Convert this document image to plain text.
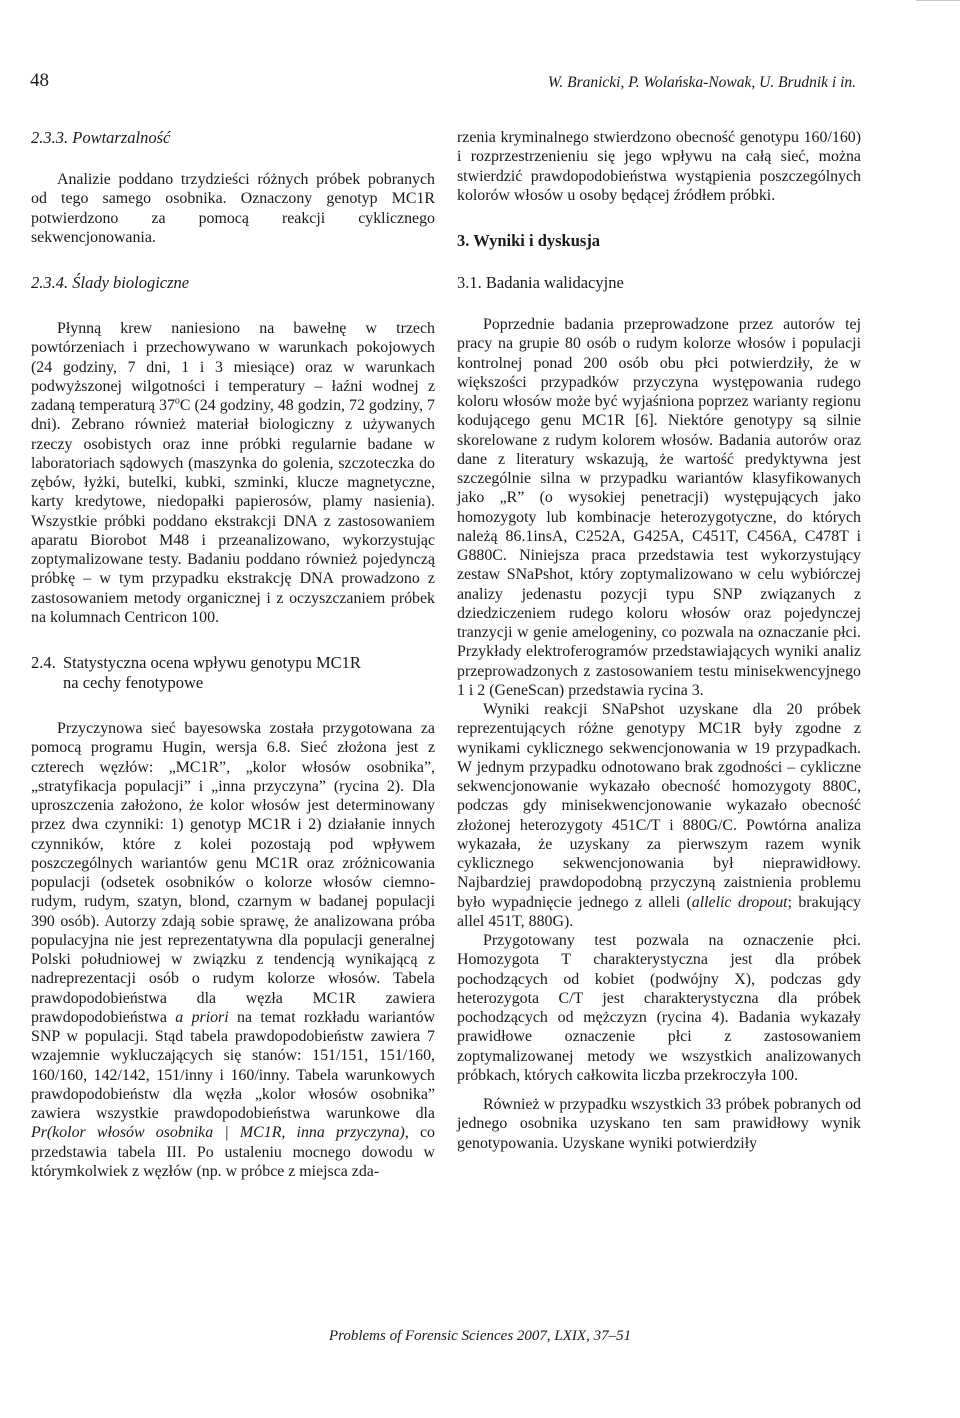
48	W. Branicki, P. Wolańska-Nowak, U. Brudnik i in.

2.3.3. Powtarzalność

Analizie poddano trzydzieści różnych próbek pobranych od tego samego osobnika. Oznaczony genotyp MC1R potwierdzono za pomocą reakcji cyklicznego sekwencjonowania.

2.3.4. Ślady biologiczne

Płynną krew naniesiono na bawełnę w trzech powtórzeniach i przechowywano w warunkach pokojowych (24 godziny, 7 dni, 1 i 3 miesiące) oraz w warunkach podwyższonej wilgotności i temperatury – łaźni wodnej z zadaną temperaturą 37$^o$C (24 godziny, 48 godzin, 72 godziny, 7 dni). Zebrano również materiał biologiczny z używanych rzeczy osobistych oraz inne próbki regularnie badane w laboratoriach sądowych (maszynka do golenia, szczoteczka do zębów, łyżki, butelki, kubki, szminki, klucze magnetyczne, karty kredytowe, niedopałki papierosów, plamy nasienia). Wszystkie próbki poddano ekstrakcji DNA z zastosowaniem aparatu Biorobot M48 i przeanalizowano, wykorzystując zoptymalizowane testy. Badaniu poddano również pojedynczą próbkę – w tym przypadku ekstrakcję DNA prowadzono z zastosowaniem metody organicznej i z oczyszczaniem próbek na kolumnach Centricon 100.

2.4. Statystyczna ocena wpływu genotypu MC1R
na cechy fenotypowe

Przyczynowa sieć bayesowska została przygotowana za pomocą programu Hugin, wersja 6.8. Sieć złożona jest z czterech węzłów: „MC1R”, „kolor włosów osobnika”, „stratyfikacja populacji” i „inna przyczyna” (rycina 2). Dla uproszczenia założono, że kolor włosów jest determinowany przez dwa czynniki: 1) genotyp MC1R i 2) działanie innych czynników, które z kolei pozostają pod wpływem poszczególnych wariantów genu MC1R oraz zróżnicowania populacji (odsetek osobników o kolorze włosów ciemno-rudym, rudym, szatyn, blond, czarnym w badanej populacji 390 osób). Autorzy zdają sobie sprawę, że analizowana próba populacyjna nie jest reprezentatywna dla populacji generalnej Polski południowej w związku z tendencją wynikającą z nadreprezentacji osób o rudym kolorze włosów. Tabela prawdopodobieństwa dla węzła MC1R zawiera prawdopodobieństwa a priori na temat rozkładu wariantów SNP w populacji. Stąd tabela prawdopodobieństw zawiera 7 wzajemnie wykluczających się stanów: 151/151, 151/160, 160/160, 142/142, 151/inny i 160/inny. Tabela warunkowych prawdopodobieństw dla węzła „kolor włosów osobnika” zawiera wszystkie prawdopodobieństwa warunkowe dla Pr(kolor włosów osobnika | MC1R, inna przyczyna), co przedstawia tabela III. Po ustaleniu mocnego dowodu w którymkolwiek z węzłów (np. w próbce z miejsca zda-

rzenia kryminalnego stwierdzono obecność genotypu 160/160) i rozprzestrzenieniu się jego wpływu na całą sieć, można stwierdzić prawdopodobieństwa wystąpienia poszczególnych kolorów włosów u osoby będącej źródłem próbki.

3. Wyniki i dyskusja

3.1. Badania walidacyjne

Poprzednie badania przeprowadzone przez autorów tej pracy na grupie 80 osób o rudym kolorze włosów i populacji kontrolnej ponad 200 osób obu płci potwierdziły, że w większości przypadków przyczyna występowania rudego koloru włosów może być wyjaśniona poprzez warianty regionu kodującego genu MC1R [6]. Niektóre genotypy są silnie skorelowane z rudym kolorem włosów. Badania autorów oraz dane z literatury wskazują, że wartość predyktywna jest szczególnie silna w przypadku wariantów klasyfikowanych jako „R” (o wysokiej penetracji) występujących jako homozygoty lub kombinacje heterozygotyczne, do których należą 86.1insA, C252A, G425A, C451T, C456A, C478T i G880C. Niniejsza praca przedstawia test wykorzystujący zestaw SNaPshot, który zoptymalizowano w celu wybiórczej analizy jedenastu pozycji typu SNP związanych z dziedziczeniem rudego koloru włosów oraz pojedynczej tranzycji w genie amelogeniny, co pozwala na oznaczanie płci. Przykłady elektroferogramów przedstawiających wyniki analiz przeprowadzonych z zastosowaniem testu minisekwencyjnego 1 i 2 (GeneScan) przedstawia rycina 3.

Wyniki reakcji SNaPshot uzyskane dla 20 próbek reprezentujących różne genotypy MC1R były zgodne z wynikami cyklicznego sekwencjonowania w 19 przypadkach. W jednym przypadku odnotowano brak zgodności – cykliczne sekwencjonowanie wykazało obecność homozygoty 880C, podczas gdy minisekwencjonowanie wykazało obecność złożonej heterozygoty 451C/T i 880G/C. Powtórna analiza wykazała, że uzyskany za pierwszym razem wynik cyklicznego sekwencjonowania był nieprawidłowy. Najbardziej prawdopodobną przyczyną zaistnienia problemu było wypadnięcie jednego z alleli (allelic dropout; brakujący allel 451T, 880G).

Przygotowany test pozwala na oznaczenie płci. Homozygota T charakterystyczna jest dla próbek pochodzących od kobiet (podwójny X), podczas gdy heterozygota C/T jest charakterystyczna dla próbek pochodzących od mężczyzn (rycina 4). Badania wykazały prawidłowe oznaczenie płci z zastosowaniem zoptymalizowanej metody we wszystkich analizowanych próbkach, których całkowita liczba przekroczyła 100.

Również w przypadku wszystkich 33 próbek pobranych od jednego osobnika uzyskano ten sam prawidłowy wynik genotypowania. Uzyskane wyniki potwierdziły

Problems of Forensic Sciences 2007, LXIX, 37–51
